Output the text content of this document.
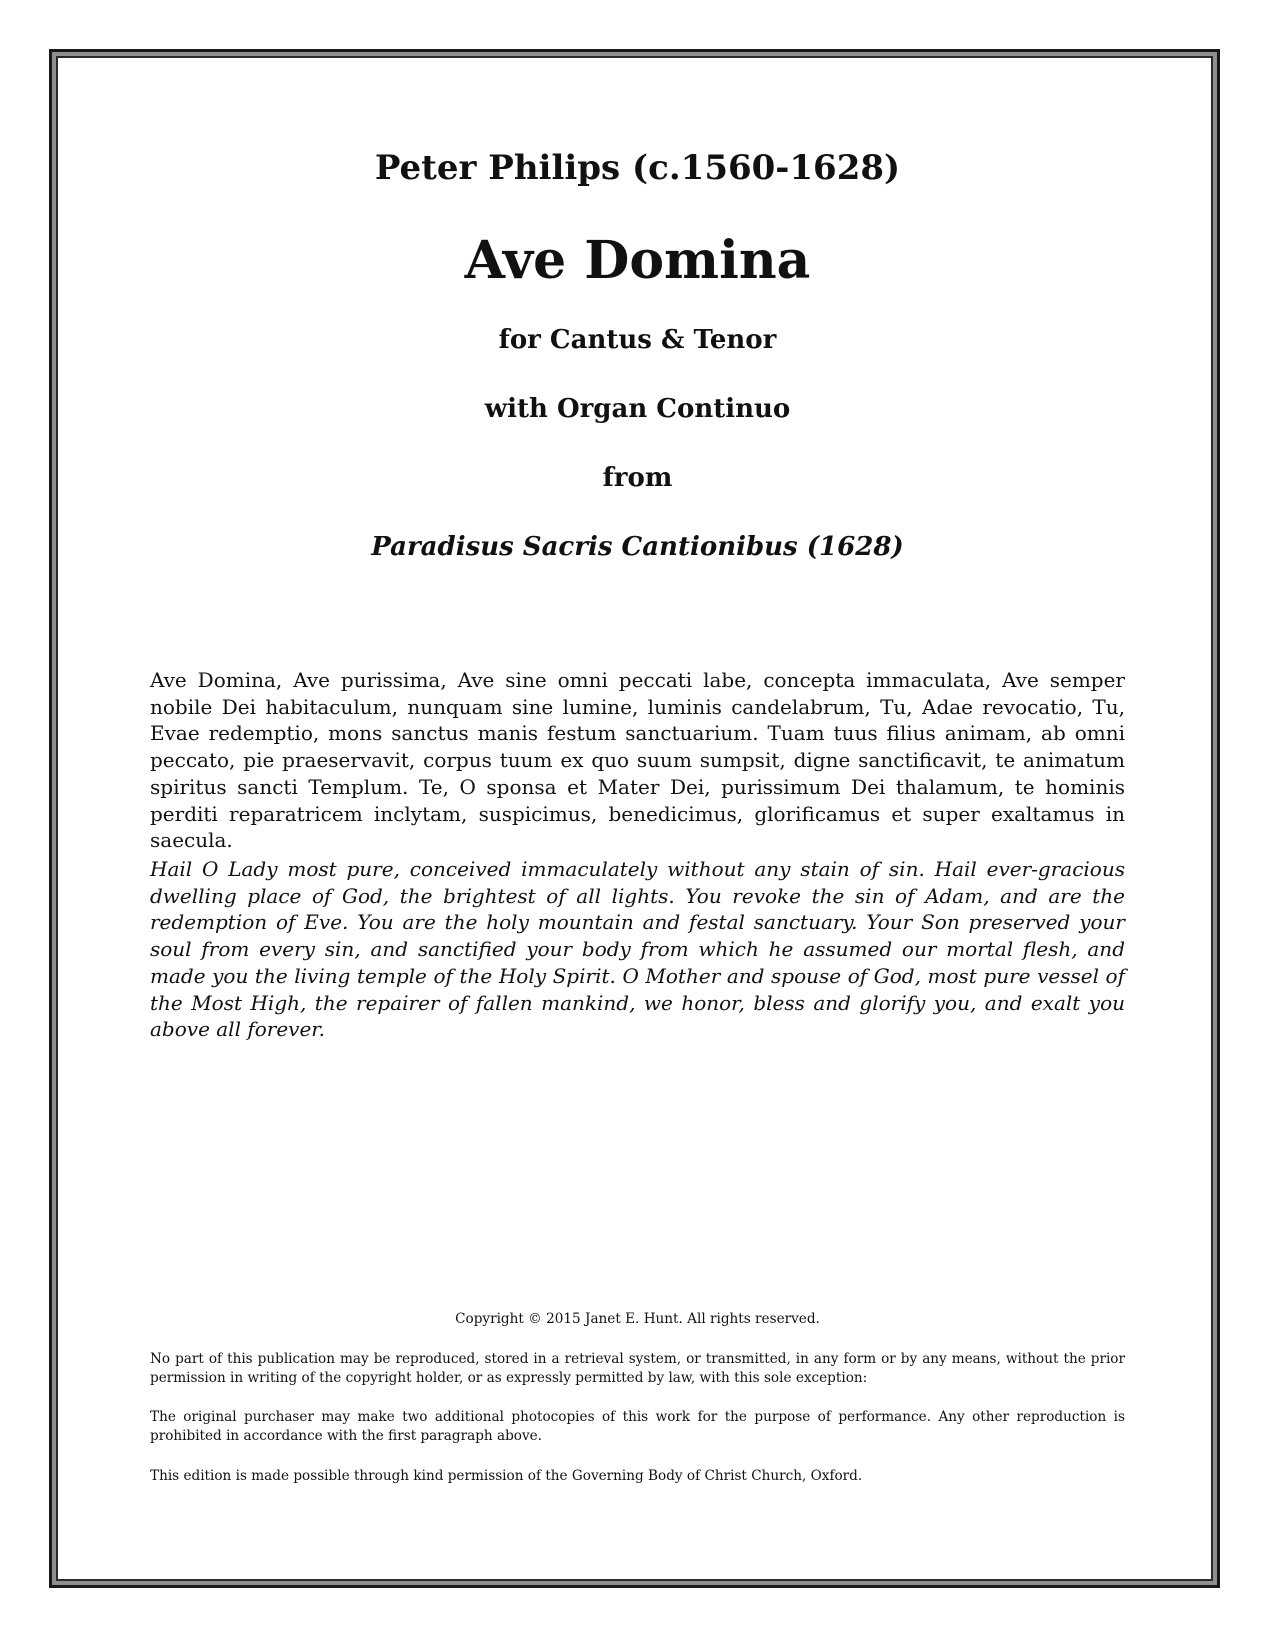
Peter Philips (c.1560-1628)
Ave Domina
for Cantus & Tenor
with Organ Continuo
from
Paradisus Sacris Cantionibus (1628)
Ave Domina, Ave purissima, Ave sine omni peccati labe, concepta immaculata, Ave semper nobile Dei habitaculum, nunquam sine lumine, luminis candelabrum, Tu, Adae revocatio, Tu, Evae redemptio, mons sanctus manis festum sanctuarium. Tuam tuus filius animam, ab omni peccato, pie praeservavit, corpus tuum ex quo suum sumpsit, digne sanctificavit, te animatum spiritus sancti Templum. Te, O sponsa et Mater Dei, purissimum Dei thalamum, te hominis perditi reparatricem inclytam, suspicimus, benedicimus, glorificamus et super exaltamus in saecula.
Hail O Lady most pure, conceived immaculately without any stain of sin. Hail ever-gracious dwelling place of God, the brightest of all lights. You revoke the sin of Adam, and are the redemption of Eve. You are the holy mountain and festal sanctuary. Your Son preserved your soul from every sin, and sanctified your body from which he assumed our mortal flesh, and made you the living temple of the Holy Spirit. O Mother and spouse of God, most pure vessel of the Most High, the repairer of fallen mankind, we honor, bless and glorify you, and exalt you above all forever.
Copyright © 2015 Janet E. Hunt. All rights reserved.
No part of this publication may be reproduced, stored in a retrieval system, or transmitted, in any form or by any means, without the prior permission in writing of the copyright holder, or as expressly permitted by law, with this sole exception:
The original purchaser may make two additional photocopies of this work for the purpose of performance. Any other reproduction is prohibited in accordance with the first paragraph above.
This edition is made possible through kind permission of the Governing Body of Christ Church, Oxford.
